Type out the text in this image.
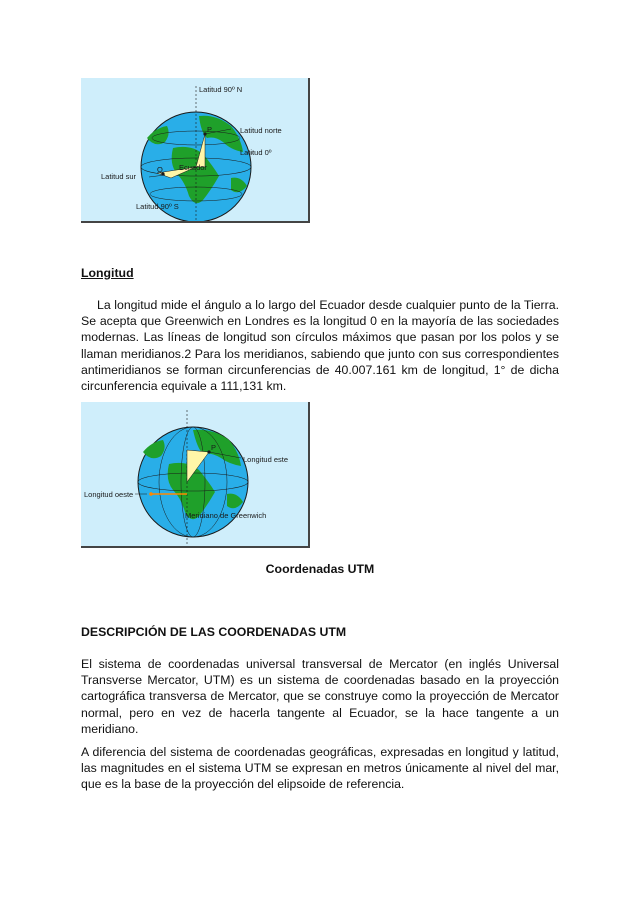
Latitud 90º N
Latitud norte
Latitud 0º
Ecuador
Latitud sur
Latitud 90º S
P
Q
Longitud
La longitud mide el ángulo a lo largo del Ecuador desde cualquier punto de la Tierra. Se acepta que Greenwich en Londres es la longitud 0 en la mayoría de las sociedades modernas. Las líneas de longitud son círculos máximos que pasan por los polos y se llaman meridianos.2 Para los meridianos, sabiendo que junto con sus correspondientes antimeridianos se forman circunferencias de 40.007.161 km de longitud, 1° de dicha circunferencia equivale a 111,131 km.
Longitud este
Longitud oeste
Meridiano de Greenwich
P
Coordenadas UTM
DESCRIPCIÓN DE LAS COORDENADAS UTM
El sistema de coordenadas universal transversal de Mercator (en inglés Universal Transverse Mercator, UTM) es un sistema de coordenadas basado en la proyección cartográfica transversa de Mercator, que se construye como la proyección de Mercator normal, pero en vez de hacerla tangente al Ecuador, se la hace tangente a un meridiano.
A diferencia del sistema de coordenadas geográficas, expresadas en longitud y latitud, las magnitudes en el sistema UTM se expresan en metros únicamente al nivel del mar, que es la base de la proyección del elipsoide de referencia.
